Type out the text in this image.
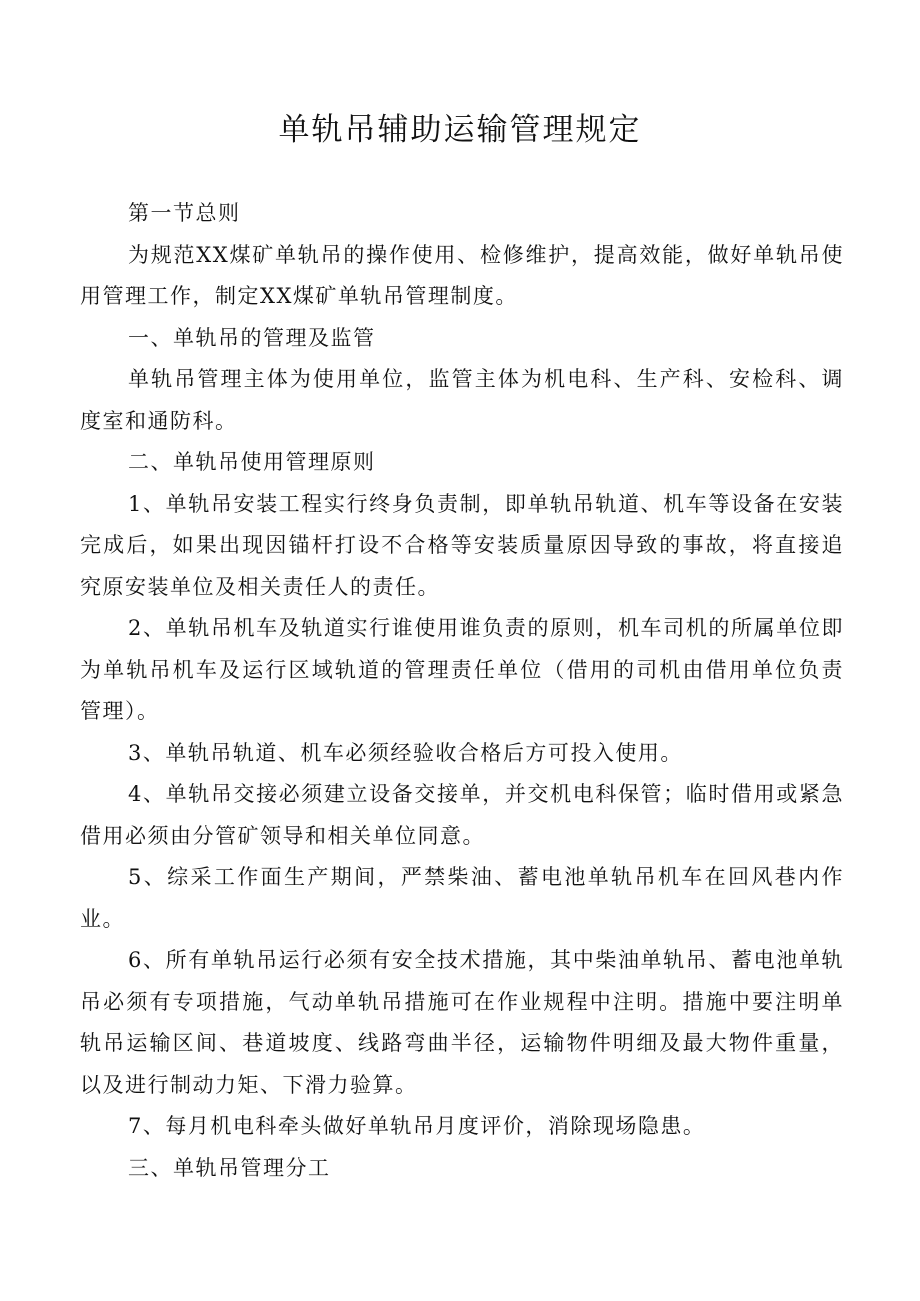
单轨吊辅助运输管理规定

第一节总则

为规范XX煤矿单轨吊的操作使用、检修维护，提高效能，做好单轨吊使用管理工作，制定XX煤矿单轨吊管理制度。

一、单轨吊的管理及监管

单轨吊管理主体为使用单位，监管主体为机电科、生产科、安检科、调度室和通防科。

二、单轨吊使用管理原则

1、单轨吊安装工程实行终身负责制，即单轨吊轨道、机车等设备在安装完成后，如果出现因锚杆打设不合格等安装质量原因导致的事故，将直接追究原安装单位及相关责任人的责任。

2、单轨吊机车及轨道实行谁使用谁负责的原则，机车司机的所属单位即为单轨吊机车及运行区域轨道的管理责任单位（借用的司机由借用单位负责管理）。

3、单轨吊轨道、机车必须经验收合格后方可投入使用。

4、单轨吊交接必须建立设备交接单，并交机电科保管；临时借用或紧急借用必须由分管矿领导和相关单位同意。

5、综采工作面生产期间，严禁柴油、蓄电池单轨吊机车在回风巷内作业。

6、所有单轨吊运行必须有安全技术措施，其中柴油单轨吊、蓄电池单轨吊必须有专项措施，气动单轨吊措施可在作业规程中注明。措施中要注明单轨吊运输区间、巷道坡度、线路弯曲半径，运输物件明细及最大物件重量，以及进行制动力矩、下滑力验算。

7、每月机电科牵头做好单轨吊月度评价，消除现场隐患。

三、单轨吊管理分工
